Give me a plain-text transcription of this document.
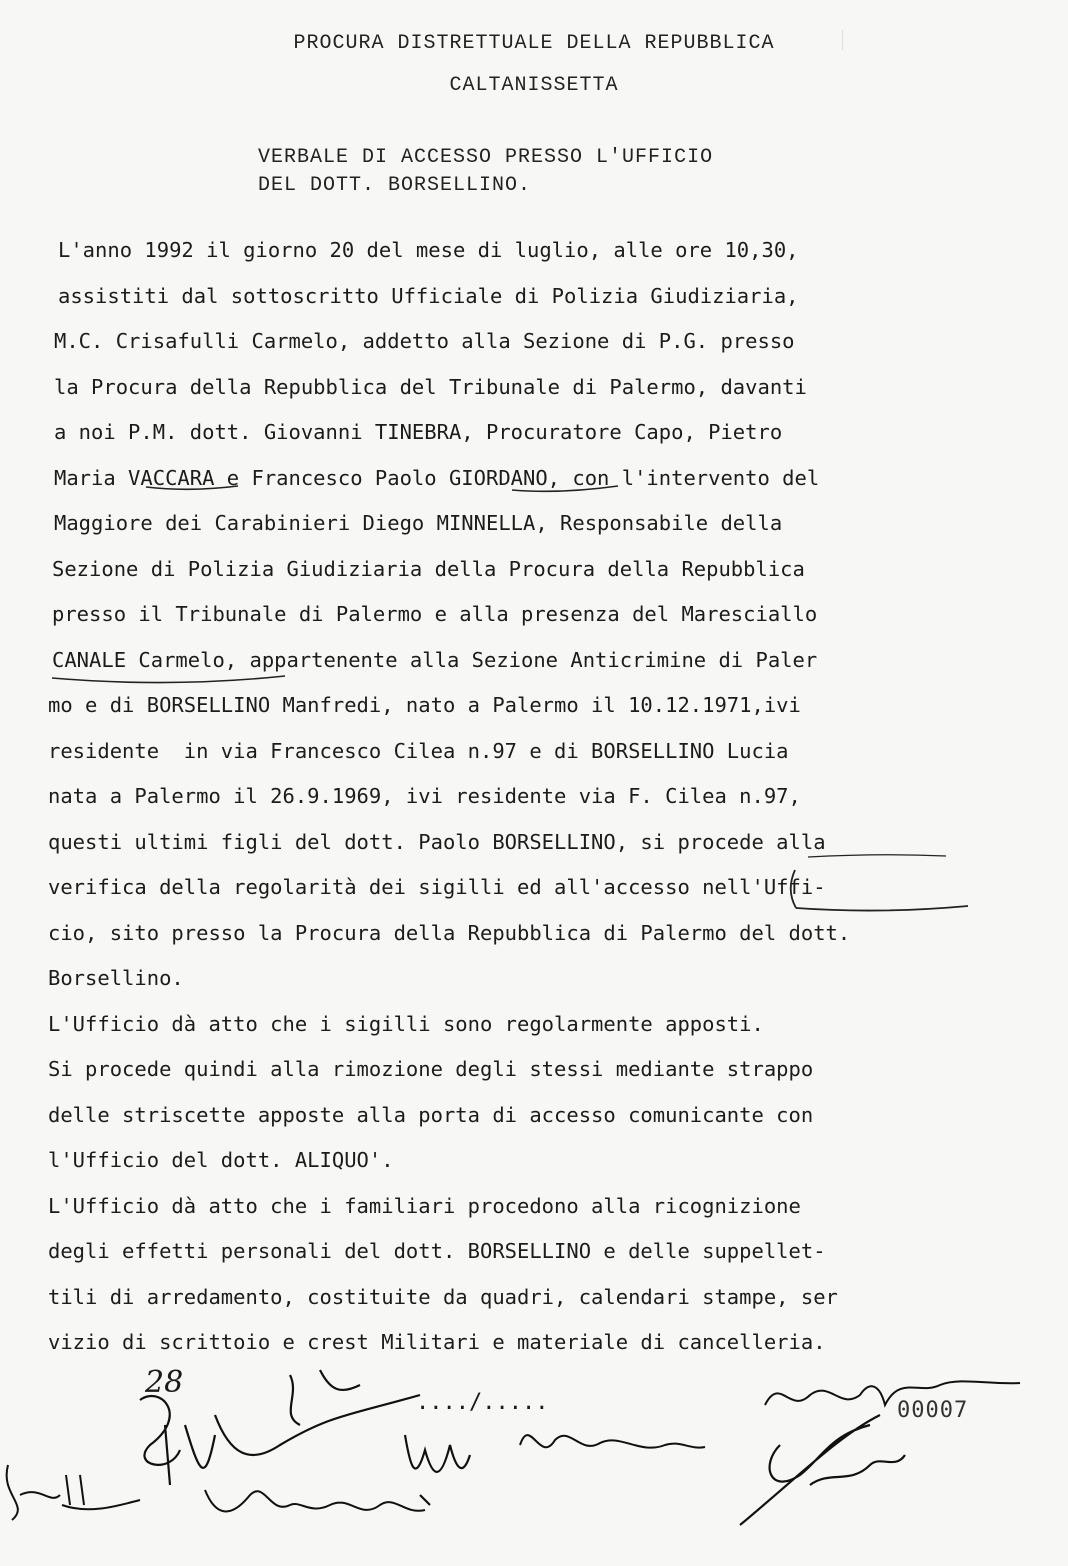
PROCURA DISTRETTUALE DELLA REPUBBLICA
CALTANISSETTA
VERBALE DI ACCESSO PRESSO L'UFFICIO
DEL DOTT. BORSELLINO.
L'anno 1992 il giorno 20 del mese di luglio, alle ore 10,30,
assistiti dal sottoscritto Ufficiale di Polizia Giudiziaria,
M.C. Crisafulli Carmelo, addetto alla Sezione di P.G. presso
la Procura della Repubblica del Tribunale di Palermo, davanti
a noi P.M. dott. Giovanni TINEBRA, Procuratore Capo, Pietro
Maria VACCARA e Francesco Paolo GIORDANO, con l'intervento del
Maggiore dei Carabinieri Diego MINNELLA, Responsabile della
Sezione di Polizia Giudiziaria della Procura della Repubblica
presso il Tribunale di Palermo e alla presenza del Maresciallo
CANALE Carmelo, appartenente alla Sezione Anticrimine di Paler
mo e di BORSELLINO Manfredi, nato a Palermo il 10.12.1971,ivi
residente  in via Francesco Cilea n.97 e di BORSELLINO Lucia
nata a Palermo il 26.9.1969, ivi residente via F. Cilea n.97,
questi ultimi figli del dott. Paolo BORSELLINO, si procede alla
verifica della regolarità dei sigilli ed all'accesso nell'Uffi-
cio, sito presso la Procura della Repubblica di Palermo del dott.
Borsellino.
L'Ufficio dà atto che i sigilli sono regolarmente apposti.
Si procede quindi alla rimozione degli stessi mediante strappo
delle striscette apposte alla porta di accesso comunicante con
l'Ufficio del dott. ALIQUO'.
L'Ufficio dà atto che i familiari procedono alla ricognizione
degli effetti personali del dott. BORSELLINO e delle suppellet-
tili di arredamento, costituite da quadri, calendari stampe, ser
vizio di scrittoio e crest Militari e materiale di cancelleria.
28
..../.....	00007
